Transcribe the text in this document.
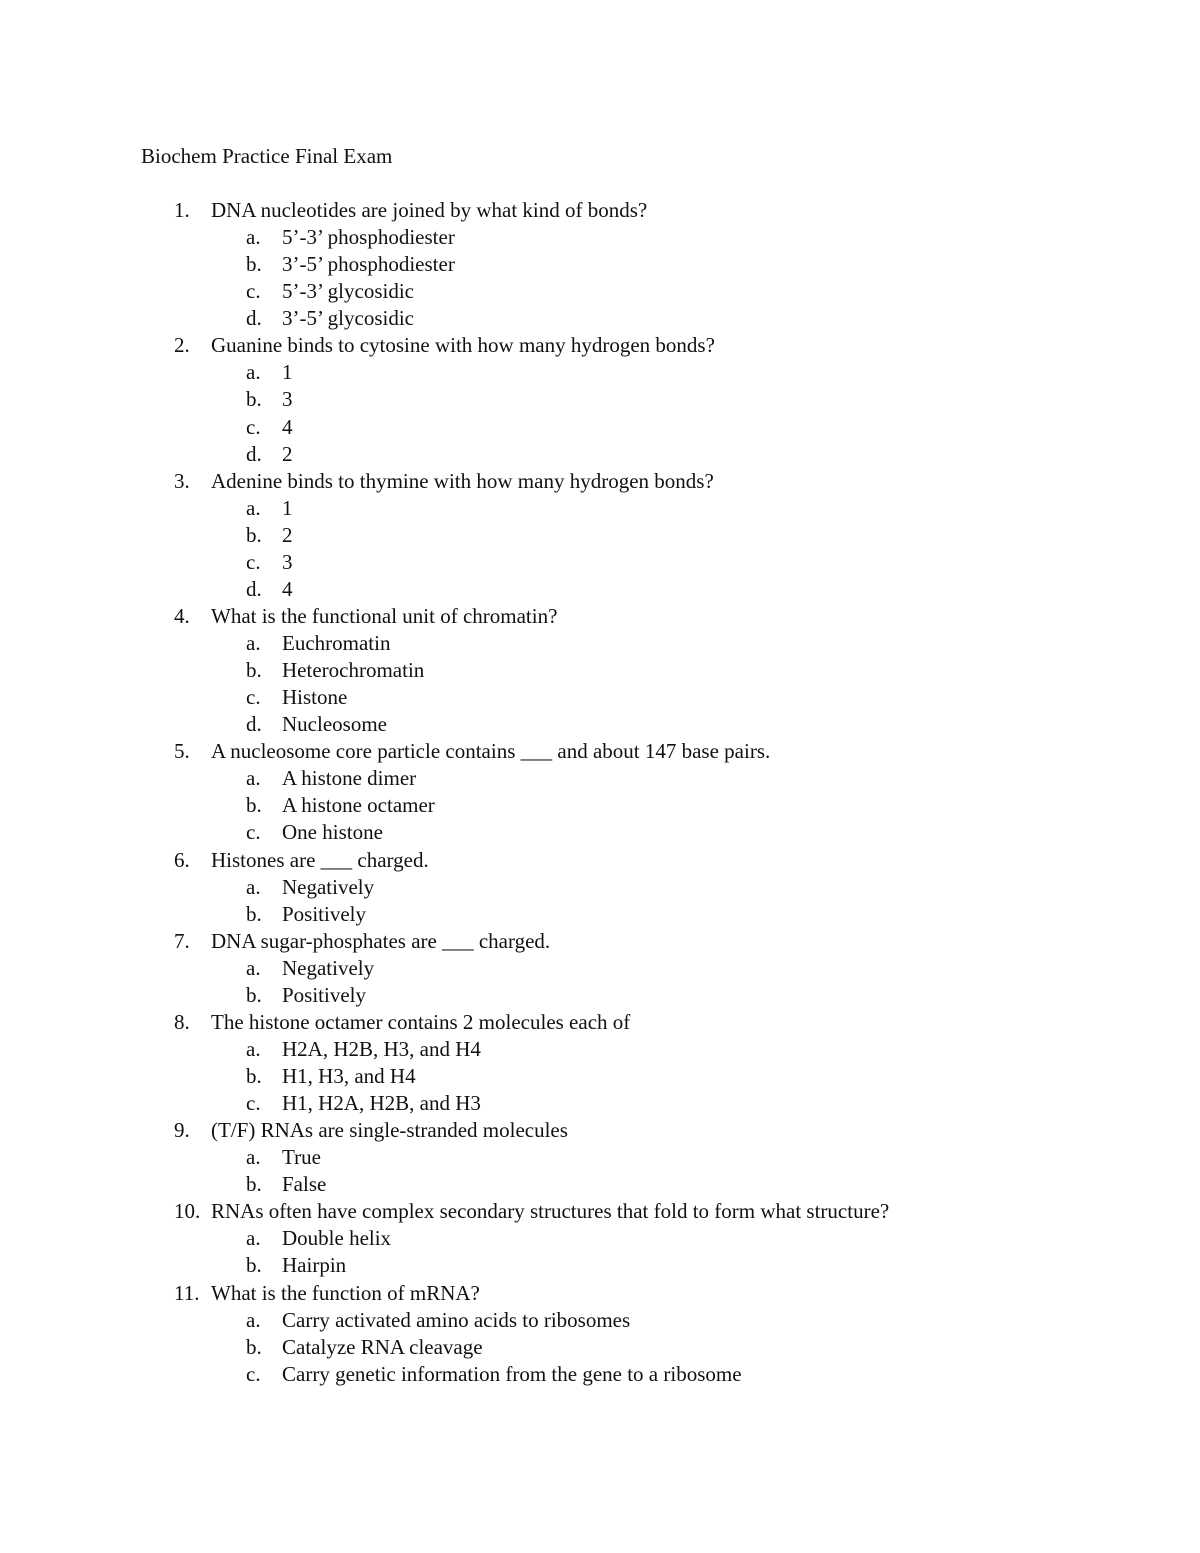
Biochem Practice Final Exam
1. DNA nucleotides are joined by what kind of bonds?
a. 5’-3’ phosphodiester
b. 3’-5’ phosphodiester
c. 5’-3’ glycosidic
d. 3’-5’ glycosidic
2. Guanine binds to cytosine with how many hydrogen bonds?
a. 1
b. 3
c. 4
d. 2
3. Adenine binds to thymine with how many hydrogen bonds?
a. 1
b. 2
c. 3
d. 4
4. What is the functional unit of chromatin?
a. Euchromatin
b. Heterochromatin
c. Histone
d. Nucleosome
5. A nucleosome core particle contains ___ and about 147 base pairs.
a. A histone dimer
b. A histone octamer
c. One histone
6. Histones are ___ charged.
a. Negatively
b. Positively
7. DNA sugar-phosphates are ___ charged.
a. Negatively
b. Positively
8. The histone octamer contains 2 molecules each of
a. H2A, H2B, H3, and H4
b. H1, H3, and H4
c. H1, H2A, H2B, and H3
9. (T/F) RNAs are single-stranded molecules
a. True
b. False
10. RNAs often have complex secondary structures that fold to form what structure?
a. Double helix
b. Hairpin
11. What is the function of mRNA?
a. Carry activated amino acids to ribosomes
b. Catalyze RNA cleavage
c. Carry genetic information from the gene to a ribosome
